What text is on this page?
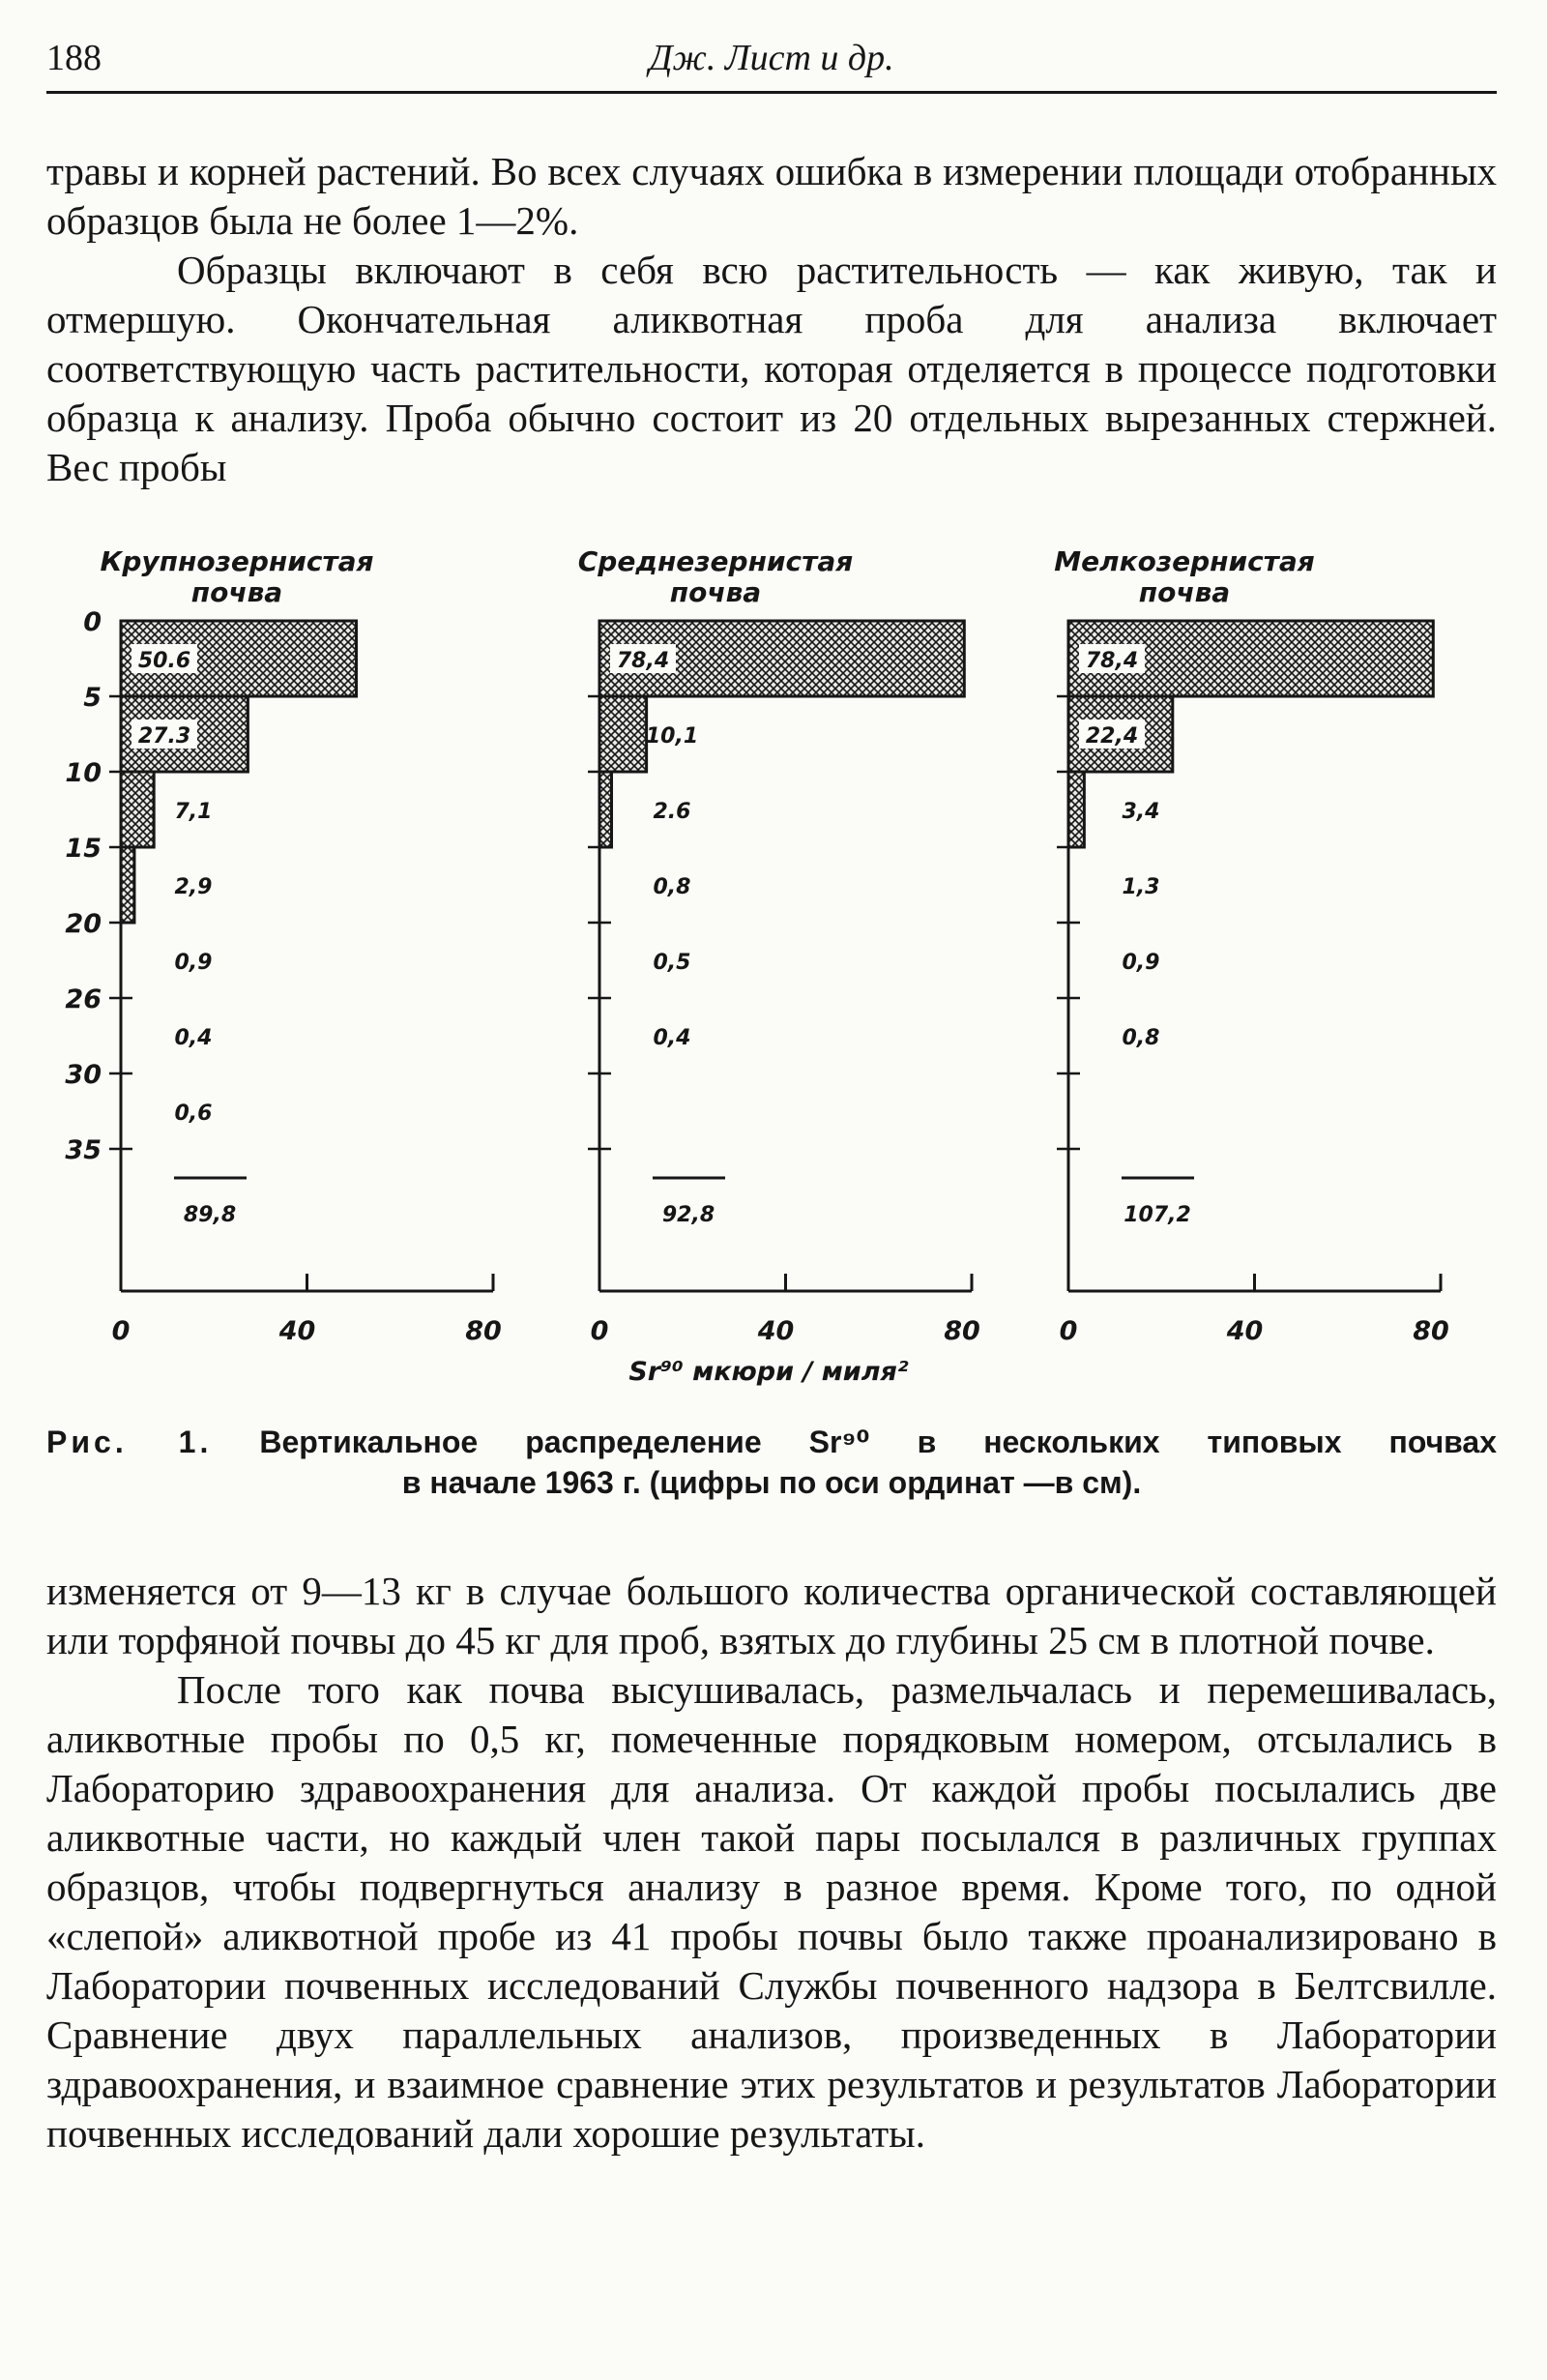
188	Дж. Лист и др.

травы и корней растений. Во всех случаях ошибка в измерении площади отобранных образцов была не более 1—2%.

Образцы включают в себя всю растительность — как живую, так и отмершую. Окончательная аликвотная проба для анализа включает соответствующую часть растительности, которая отделяется в процессе подготовки образца к анализу. Проба обычно состоит из 20 отдельных вырезанных стержней. Вес пробы

Крупнозернистая
почва
0	40	80
50.6
27.3
7,1
2,9
0,9
0,4
0,6
89,8
Среднезернистая
почва
0	40	80
78,4
10,1
2.6
0,8
0,5
0,4
92,8
Мелкозернистая
почва
0	40	80
78,4
22,4
3,4
1,3
0,9
0,8
107,2
0
5
10
15
20
26
30
35
Sr⁹⁰ мкюри / миля²
Рис. 1. Вертикальное распределение Sr⁹⁰ в нескольких типовых почвах
в начале 1963 г. (цифры по оси ординат —в см).

изменяется от 9—13 кг в случае большого количества органической составляющей или торфяной почвы до 45 кг для проб, взятых до глубины 25 см в плотной почве.

После того как почва высушивалась, размельчалась и перемешивалась, аликвотные пробы по 0,5 кг, помеченные порядковым номером, отсылались в Лабораторию здравоохранения для анализа. От каждой пробы посылались две аликвотные части, но каждый член такой пары посылался в различных группах образцов, чтобы подвергнуться анализу в разное время. Кроме того, по одной «слепой» аликвотной пробе из 41 пробы почвы было также проанализировано в Лаборатории почвенных исследований Службы почвенного надзора в Белтсвилле. Сравнение двух параллельных анализов, произведенных в Лаборатории здравоохранения, и взаимное сравнение этих результатов и результатов Лаборатории почвенных исследований дали хорошие результаты.
